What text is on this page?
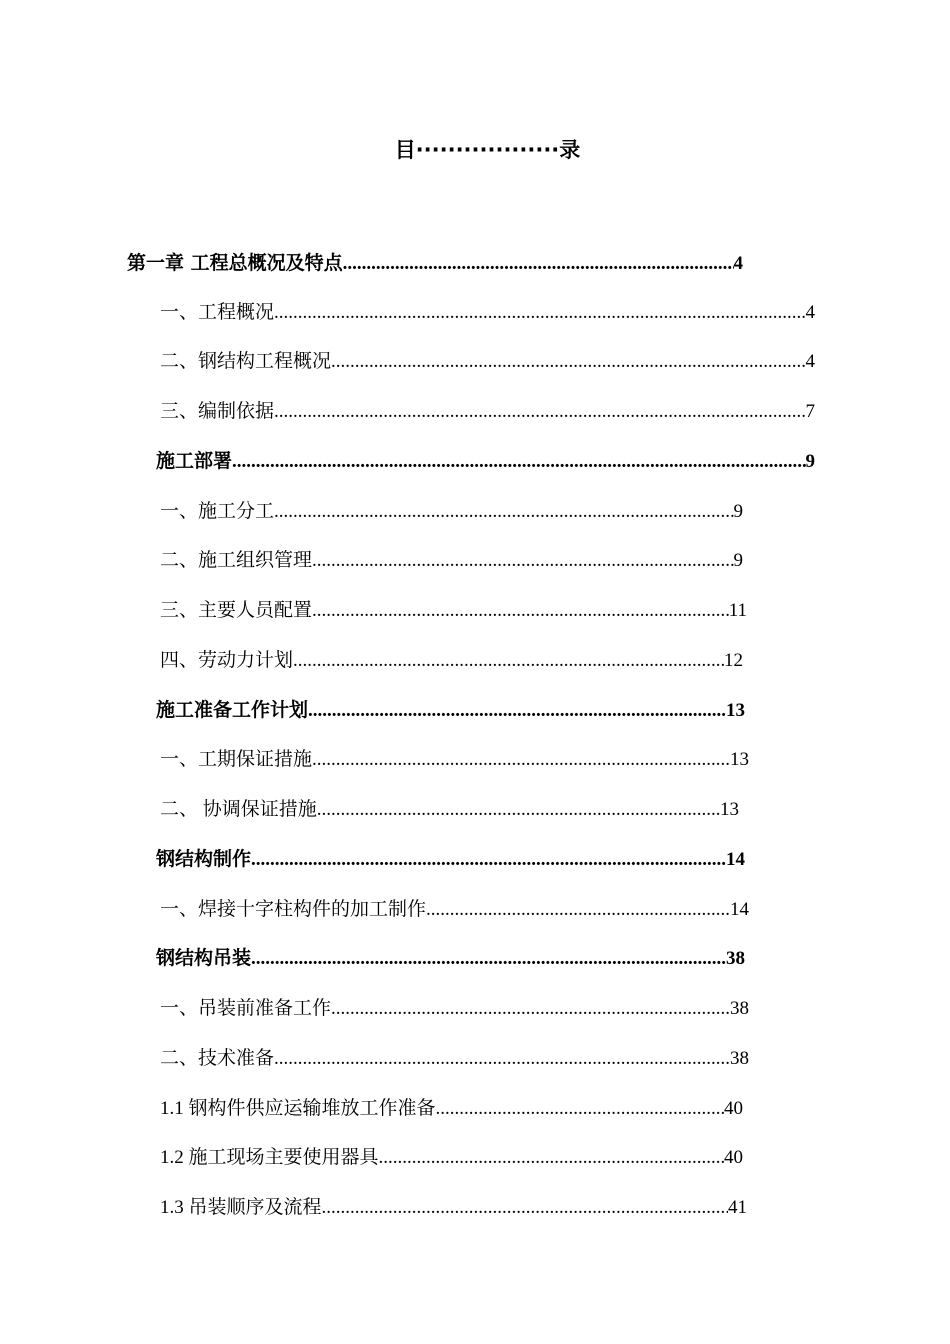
目··················录
第一章 工程总概况及特点 .....	4
一、工程概况 .....	4
二、钢结构工程概况 .....	4
三、编制依据 .....	7
施工部署 .....	9
一、施工分工 .....	9
二、施工组织管理 .....	9
三、主要人员配置 .....	11
四、劳动力计划 .....	12
施工准备工作计划 .....	13
一、工期保证措施 .....	13
二、 协调保证措施 .....	13
钢结构制作 .....	14
一、焊接十字柱构件的加工制作 .....	14
钢结构吊装 .....	38
一、吊装前准备工作 .....	38
二、技术准备 .....	38
1.1 钢构件供应运输堆放工作准备 .....	40
1.2 施工现场主要使用器具 .....	40
1.3 吊装顺序及流程 .....	41
